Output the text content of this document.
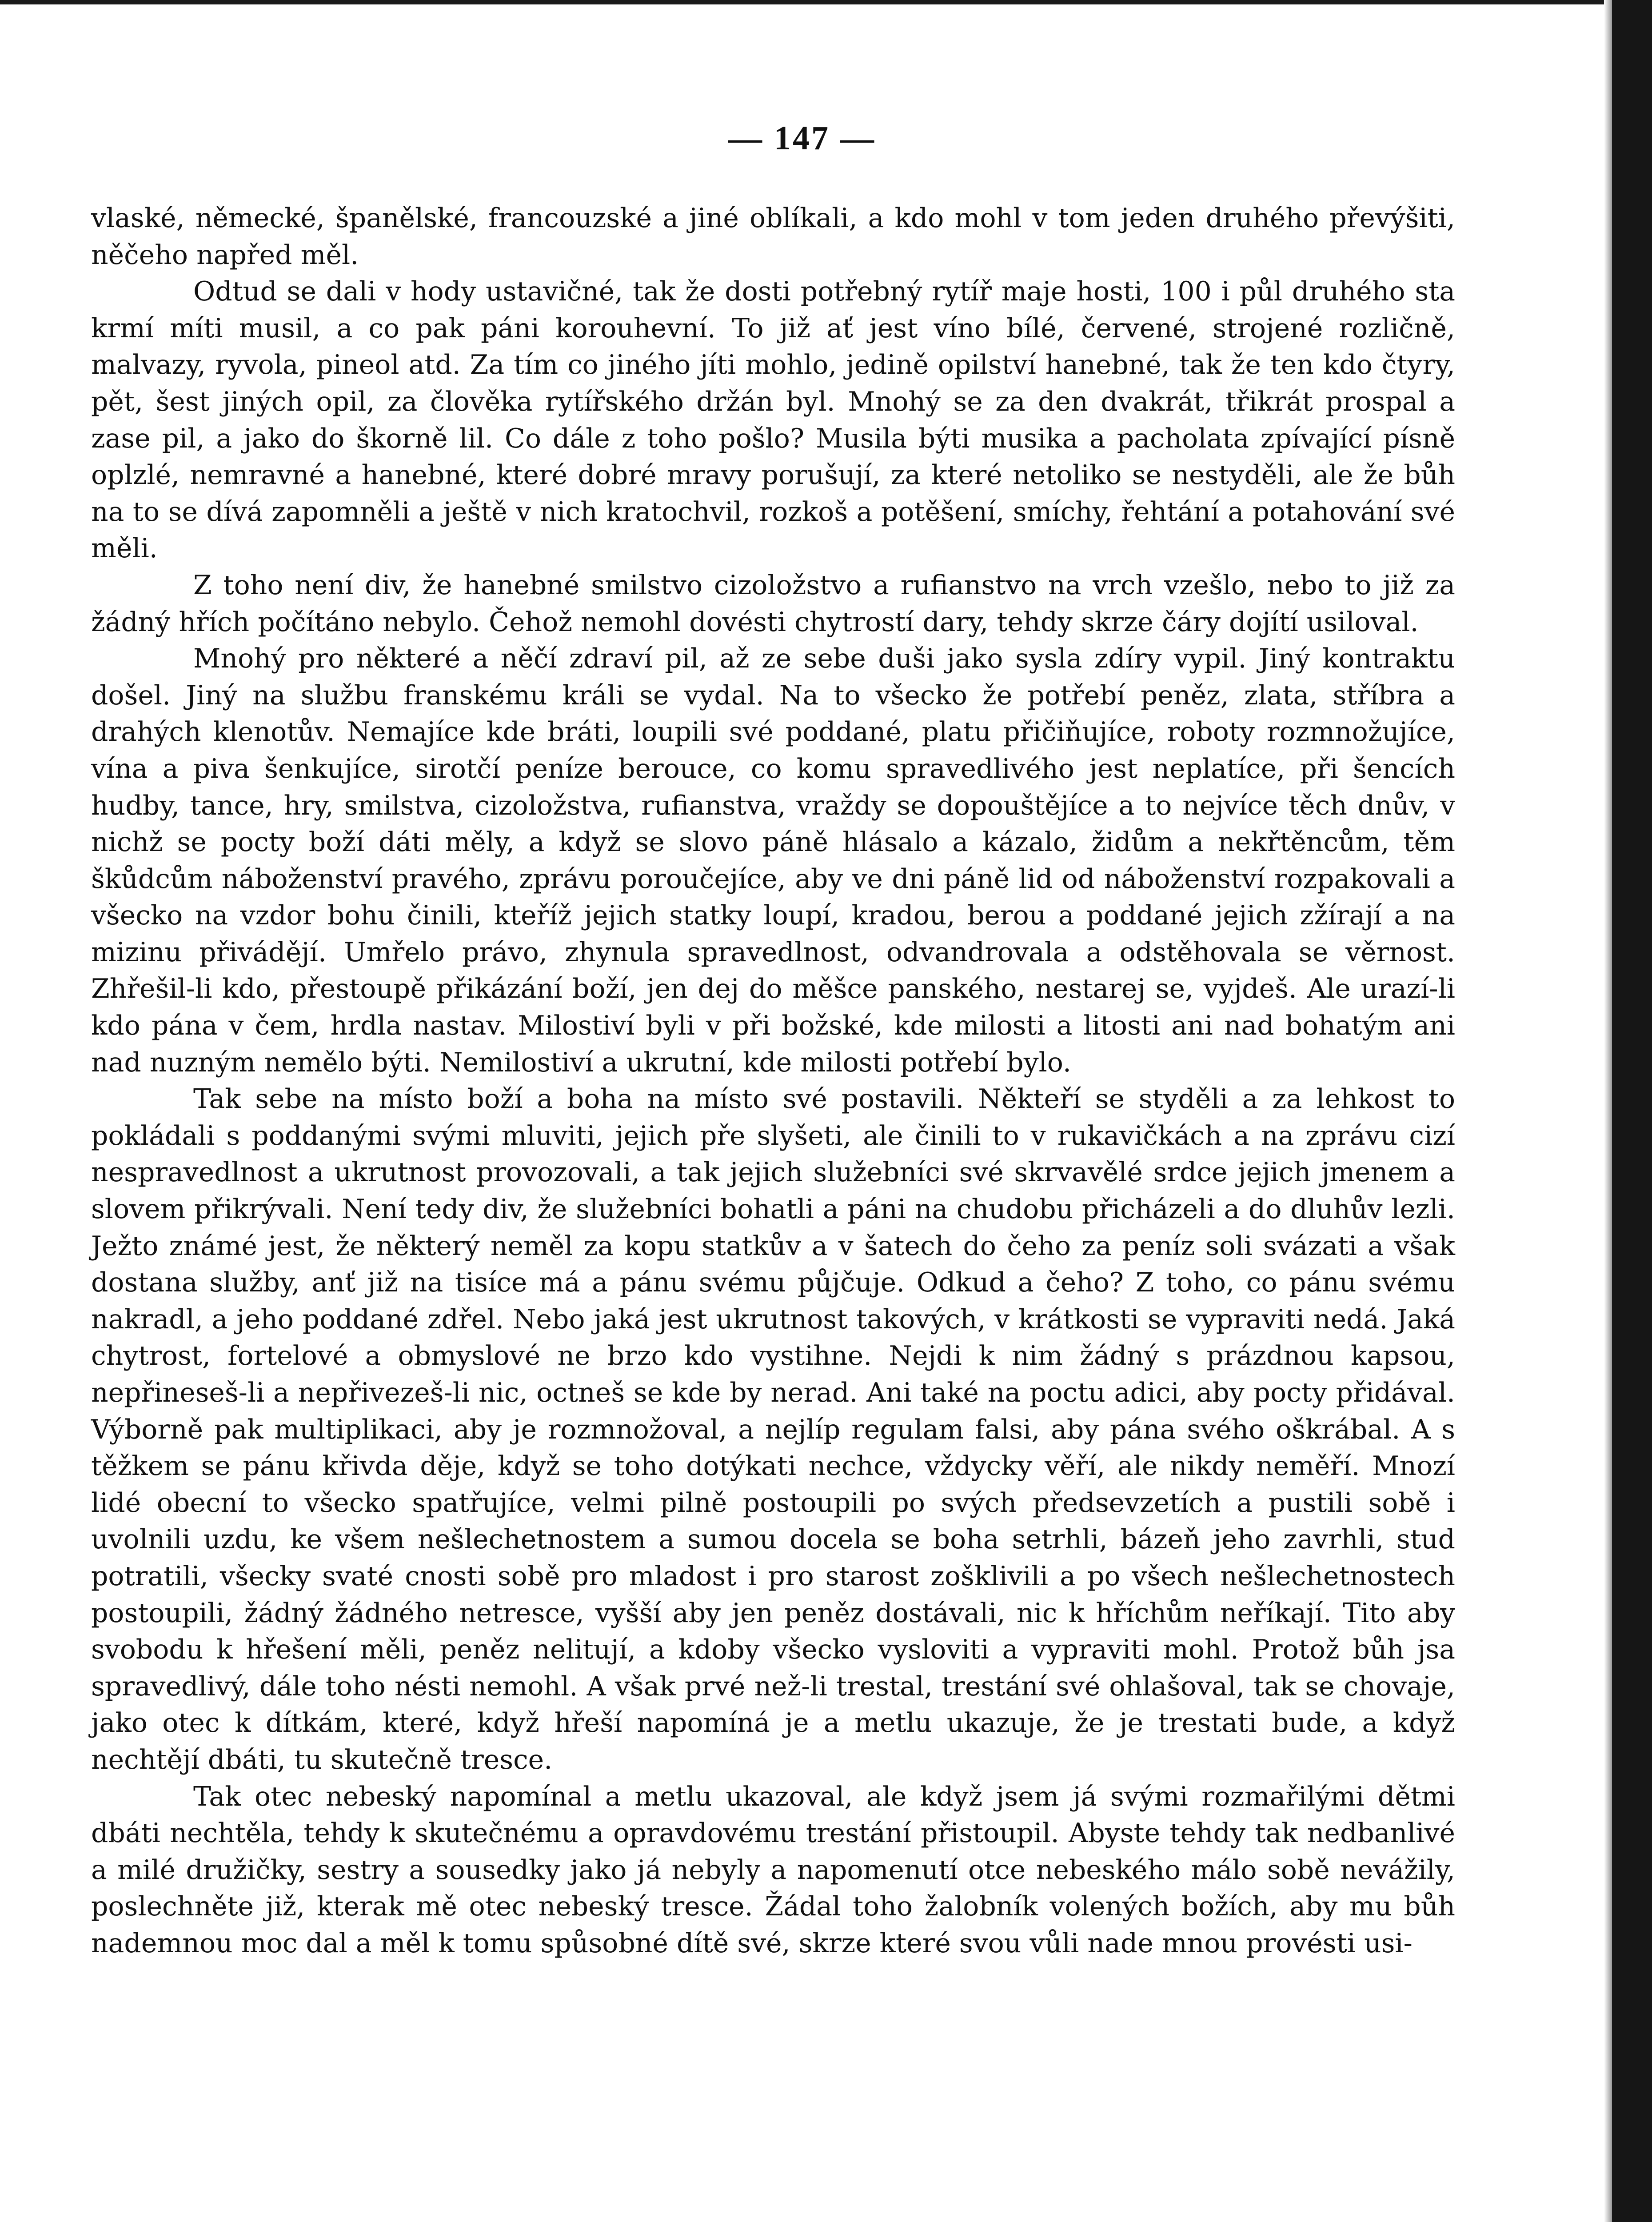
— 147 —

vlaské, německé, španělské, francouzské a jiné oblíkali, a kdo mohl v tom jeden druhého převýšiti, něčeho napřed měl.

Odtud se dali v hody ustavičné, tak že dosti potřebný rytíř maje hosti, 100 i půl druhého sta krmí míti musil, a co pak páni korouhevní. To již ať jest víno bílé, červené, strojené rozličně, malvazy, ryvola, pineol atd. Za tím co jiného jíti mohlo, jedině opilství hanebné, tak že ten kdo čtyry, pět, šest jiných opil, za člověka rytířského držán byl. Mnohý se za den dvakrát, třikrát prospal a zase pil, a jako do škorně lil. Co dále z toho pošlo? Musila býti musika a pacholata zpívající písně oplzlé, nemravné a hanebné, které dobré mravy porušují, za které netoliko se nestyděli, ale že bůh na to se dívá zapomněli a ještě v nich kratochvil, rozkoš a potěšení, smíchy, řehtání a potahování své měli.

Z toho není div, že hanebné smilstvo cizoložstvo a rufianstvo na vrch vzešlo, nebo to již za žádný hřích počítáno nebylo. Čehož nemohl dovésti chytrostí dary, tehdy skrze čáry dojítí usiloval.

Mnohý pro některé a něčí zdraví pil, až ze sebe duši jako sysla zdíry vypil. Jiný kontraktu došel. Jiný na službu franskému králi se vydal. Na to všecko že potřebí peněz, zlata, stříbra a drahých klenotův. Nemajíce kde bráti, loupili své poddané, platu přičiňujíce, roboty rozmnožujíce, vína a piva šenkujíce, sirotčí peníze berouce, co komu spravedlivého jest neplatíce, při šencích hudby, tance, hry, smilstva, cizoložstva, rufianstva, vraždy se dopouštějíce a to nejvíce těch dnův, v nichž se pocty boží dáti měly, a když se slovo páně hlásalo a kázalo, židům a nekřtěncům, těm škůdcům náboženství pravého, zprávu poroučejíce, aby ve dni páně lid od náboženství rozpakovali a všecko na vzdor bohu činili, kteříž jejich statky loupí, kradou, berou a poddané jejich zžírají a na mizinu přivádějí. Umřelo právo, zhynula spravedlnost, odvandrovala a odstěhovala se věrnost. Zhřešil-li kdo, přestoupě přikázání boží, jen dej do měšce panského, nestarej se, vyjdeš. Ale urazí-li kdo pána v čem, hrdla nastav. Milostiví byli v při božské, kde milosti a litosti ani nad bohatým ani nad nuzným nemělo býti. Nemilostiví a ukrutní, kde milosti potřebí bylo.

Tak sebe na místo boží a boha na místo své postavili. Někteří se styděli a za lehkost to pokládali s poddanými svými mluviti, jejich pře slyšeti, ale činili to v rukavičkách a na zprávu cizí nespravedlnost a ukrutnost provozovali, a tak jejich služebníci své skrvavělé srdce jejich jmenem a slovem přikrývali. Není tedy div, že služebníci bohatli a páni na chudobu přicházeli a do dluhův lezli. Ježto známé jest, že některý neměl za kopu statkův a v šatech do čeho za peníz soli svázati a však dostana služby, anť již na tisíce má a pánu svému půjčuje. Odkud a čeho? Z toho, co pánu svému nakradl, a jeho poddané zdřel. Nebo jaká jest ukrutnost takových, v krátkosti se vypraviti nedá. Jaká chytrost, fortelové a obmyslové ne brzo kdo vystihne. Nejdi k nim žádný s prázdnou kapsou, nepřineseš-li a nepřivezeš-li nic, octneš se kde by nerad. Ani také na poctu adici, aby pocty přidával. Výborně pak multiplikaci, aby je rozmnožoval, a nejlíp regulam falsi, aby pána svého oškrábal. A s těžkem se pánu křivda děje, když se toho dotýkati nechce, vždycky věří, ale nikdy neměří. Mnozí lidé obecní to všecko spatřujíce, velmi pilně postoupili po svých předsevzetích a pustili sobě i uvolnili uzdu, ke všem nešlechetnostem a sumou docela se boha setrhli, bázeň jeho zavrhli, stud potratili, všecky svaté cnosti sobě pro mladost i pro starost zošklivili a po všech nešlechetnostech postoupili, žádný žádného netresce, vyšší aby jen peněz dostávali, nic k hříchům neříkají. Tito aby svobodu k hřešení měli, peněz nelitují, a kdoby všecko vysloviti a vypraviti mohl. Protož bůh jsa spravedlivý, dále toho nésti nemohl. A však prvé než-li trestal, trestání své ohlašoval, tak se chovaje, jako otec k dítkám, které, když hřeší napomíná je a metlu ukazuje, že je trestati bude, a když nechtějí dbáti, tu skutečně tresce.

Tak otec nebeský napomínal a metlu ukazoval, ale když jsem já svými rozmařilými dětmi dbáti nechtěla, tehdy k skutečnému a opravdovému trestání přistoupil. Abyste tehdy tak nedbanlivé a milé družičky, sestry a sousedky jako já nebyly a napomenutí otce nebeského málo sobě nevážily, poslechněte již, kterak mě otec nebeský tresce. Žádal toho žalobník volených božích, aby mu bůh nademnou moc dal a měl k tomu spůsobné dítě své, skrze které svou vůli nade mnou provésti usi-
